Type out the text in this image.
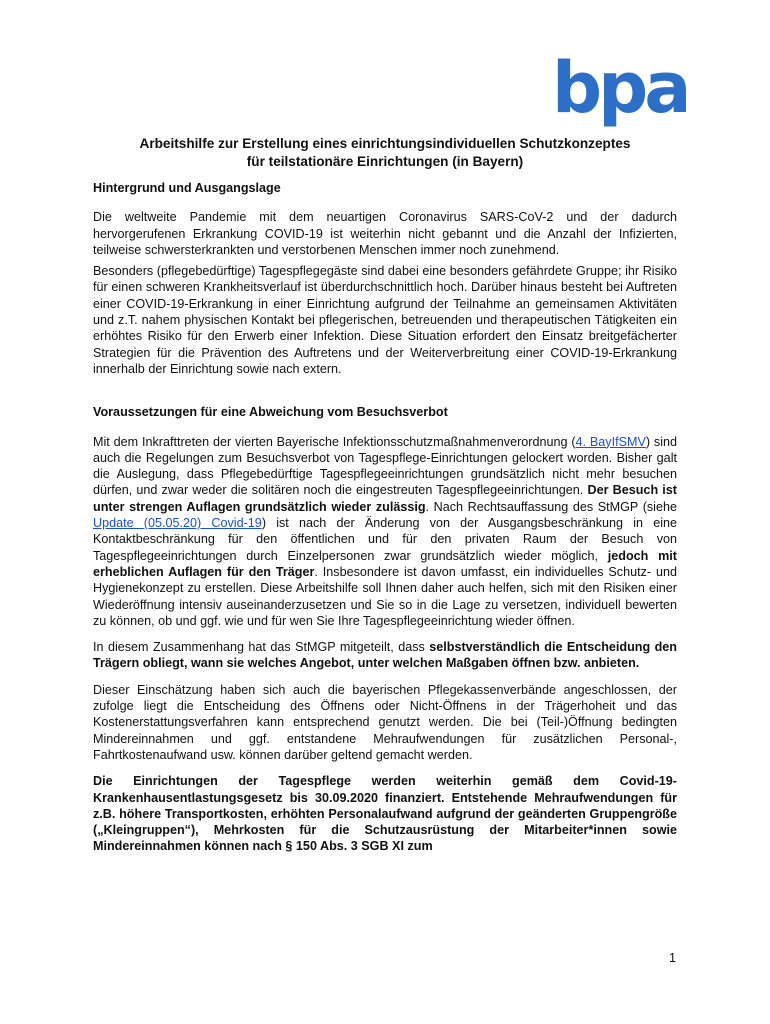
bpa
Arbeitshilfe zur Erstellung eines einrichtungsindividuellen Schutzkonzeptes
für teilstationäre Einrichtungen (in Bayern)
Hintergrund und Ausgangslage

Die weltweite Pandemie mit dem neuartigen Coronavirus SARS-CoV-2 und der dadurch hervorgerufenen Erkrankung COVID-19 ist weiterhin nicht gebannt und die Anzahl der Infizierten, teilweise schwersterkrankten und verstorbenen Menschen immer noch zunehmend.

Besonders (pflegebedürftige) Tagespflegegäste sind dabei eine besonders gefährdete Gruppe; ihr Risiko für einen schweren Krankheitsverlauf ist überdurchschnittlich hoch. Darüber hinaus besteht bei Auftreten einer COVID-19-Erkrankung in einer Einrichtung aufgrund der Teilnahme an gemeinsamen Aktivitäten und z.T. nahem physischen Kontakt bei pflegerischen, betreuenden und therapeutischen Tätigkeiten ein erhöhtes Risiko für den Erwerb einer Infektion. Diese Situation erfordert den Einsatz breitgefächerter Strategien für die Prävention des Auftretens und der Weiterverbreitung einer COVID-19-Erkrankung innerhalb der Einrichtung sowie nach extern.

Voraussetzungen für eine Abweichung vom Besuchsverbot

Mit dem Inkrafttreten der vierten Bayerische Infektionsschutzmaßnahmenverordnung (4. BayIfSMV) sind auch die Regelungen zum Besuchsverbot von Tagespflege-Einrichtungen gelockert worden. Bisher galt die Auslegung, dass Pflegebedürftige Tagespflegeeinrichtungen grundsätzlich nicht mehr besuchen dürfen, und zwar weder die solitären noch die eingestreuten Tagespflegeeinrichtungen. Der Besuch ist unter strengen Auflagen grundsätzlich wieder zulässig. Nach Rechtsauffassung des StMGP (siehe Update (05.05.20) Covid-19) ist nach der Änderung von der Ausgangsbeschränkung in eine Kontaktbeschränkung für den öffentlichen und für den privaten Raum der Besuch von Tagespflegeeinrichtungen durch Einzelpersonen zwar grundsätzlich wieder möglich, jedoch mit erheblichen Auflagen für den Träger. Insbesondere ist davon umfasst, ein individuelles Schutz- und Hygienekonzept zu erstellen. Diese Arbeitshilfe soll Ihnen daher auch helfen, sich mit den Risiken einer Wiederöffnung intensiv auseinanderzusetzen und Sie so in die Lage zu versetzen, individuell bewerten zu können, ob und ggf. wie und für wen Sie Ihre Tagespflegeeinrichtung wieder öffnen.

In diesem Zusammenhang hat das StMGP mitgeteilt, dass selbstverständlich die Entscheidung den Trägern obliegt, wann sie welches Angebot, unter welchen Maßgaben öffnen bzw. anbieten.

Dieser Einschätzung haben sich auch die bayerischen Pflegekassenverbände angeschlossen, der zufolge liegt die Entscheidung des Öffnens oder Nicht-Öffnens in der Trägerhoheit und das Kostenerstattungsverfahren kann entsprechend genutzt werden. Die bei (Teil-)Öffnung bedingten Mindereinnahmen und ggf. entstandene Mehraufwendungen für zusätzlichen Personal-, Fahrtkostenaufwand usw. können darüber geltend gemacht werden.

Die Einrichtungen der Tagespflege werden weiterhin gemäß dem Covid-19-Krankenhausentlastungsgesetz bis 30.09.2020 finanziert. Entstehende Mehraufwendungen für z.B. höhere Transportkosten, erhöhten Personalaufwand aufgrund der geänderten Gruppengröße („Kleingruppen“), Mehrkosten für die Schutzausrüstung der Mitarbeiter*innen sowie Mindereinnahmen können nach § 150 Abs. 3 SGB XI zum

1
